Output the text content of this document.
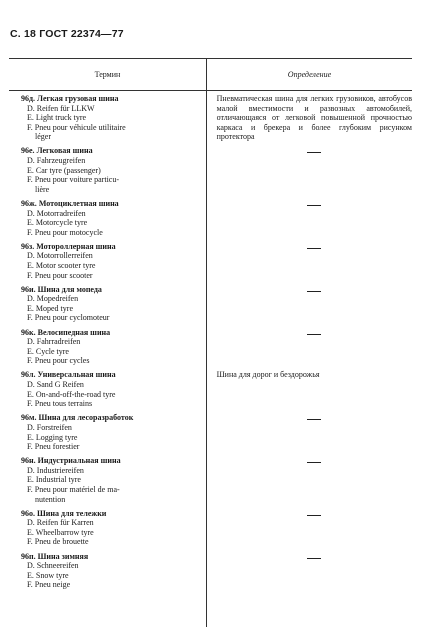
С. 18 ГОСТ 22374—77
Термин	Определение
96д. Легкая грузовая шина
D. Reifen für LLKW
E. Light truck tyre
F. Pneu pour véhicule utilitaire
léger
Пневматическая шина для легких грузовиков, автобусов малой вместимости и развозных автомобилей, отличающаяся от легковой повышенной прочностью каркаса и брекера и более глубоким рисунком протектора
96е. Легковая шина
D. Fahrzeugreifen
E. Car tyre (passenger)
F. Pneu pour voiture particu-
lière
96ж. Мотоциклетная шина
D. Motorradreifen
E. Motorcycle tyre
F. Pneu pour motocycle
96з. Мотороллерная шина
D. Motorrollerreifen
E. Motor scooter tyre
F. Pneu pour scooter
96и. Шина для мопеда
D. Mopedreifen
E. Moped tyre
F. Pneu pour cyclomoteur
96к. Велосипедная шина
D. Fahrradreifen
E. Cycle tyre
F. Pneu pour cycles
96л. Универсальная шина
D. Sand G Reifen
E. On-and-off-the-road tyre
F. Pneu tous terrains
Шина для дорог и бездорожья
96м. Шина для лесоразработок
D. Forstreifen
E. Logging tyre
F. Pneu forestier
96н. Индустриальная шина
D. Industriereifen
E. Industrial tyre
F. Pneu pour matériel de ma-
nutention
96о. Шина для тележки
D. Reifen für Karren
E. Wheelbarrow tyre
F. Pneu de brouette
96п. Шина зимняя
D. Schneereifen
E. Snow tyre
F. Pneu neige
